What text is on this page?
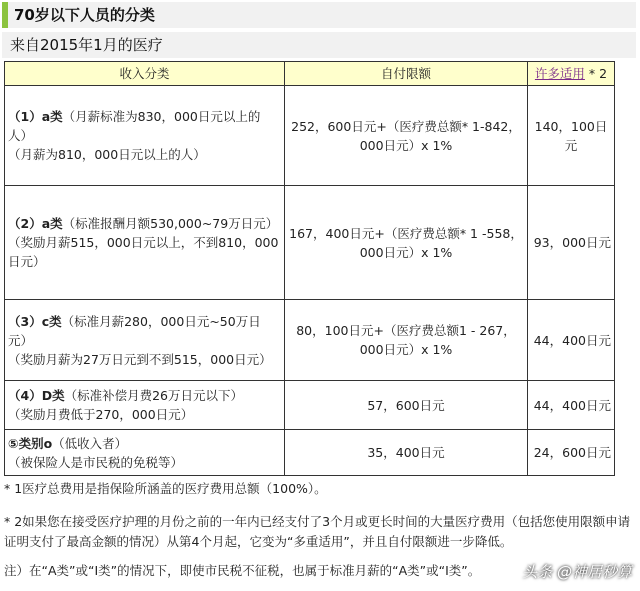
70岁以下人员的分类
来自2015年1月的医疗
收入分类	自付限额	许多适用 * 2
（1）a类（月薪标准为830，000日元以上的人）
（月薪为810，000日元以上的人）	252，600日元+（医疗费总额* 1-842，000日元）x 1%	140，100日元
（2）a类（标准报酬月额530,000~79万日元）
（奖励月薪515，000日元以上，不到810，000日元）	167，400日元+（医疗费总额* 1 -558，000日元）x 1%	93，000日元
（3）c类（标准月薪280，000日元~50万日元）
（奖励月薪为27万日元到不到515，000日元）	80，100日元+（医疗费总额1 - 267，000日元）x 1%	44，400日元
（4）D类（标准补偿月费26万日元以下）
（奖励月费低于270，000日元）	57，600日元	44，400日元
⑤类别o（低收入者）
（被保险人是市民税的免税等）	35，400日元	24，600日元
* 1医疗总费用是指保险所涵盖的医疗费用总额（100%）。
* 2如果您在接受医疗护理的月份之前的一年内已经支付了3个月或更长时间的大量医疗费用（包括您使用限额申请证明支付了最高金额的情况）从第4个月起，它变为“多重适用”，并且自付限额进一步降低。
注）在“A类”或“I类”的情况下，即使市民税不征税，也属于标准月薪的“A类”或“I类”。	头条 @神居秒算
